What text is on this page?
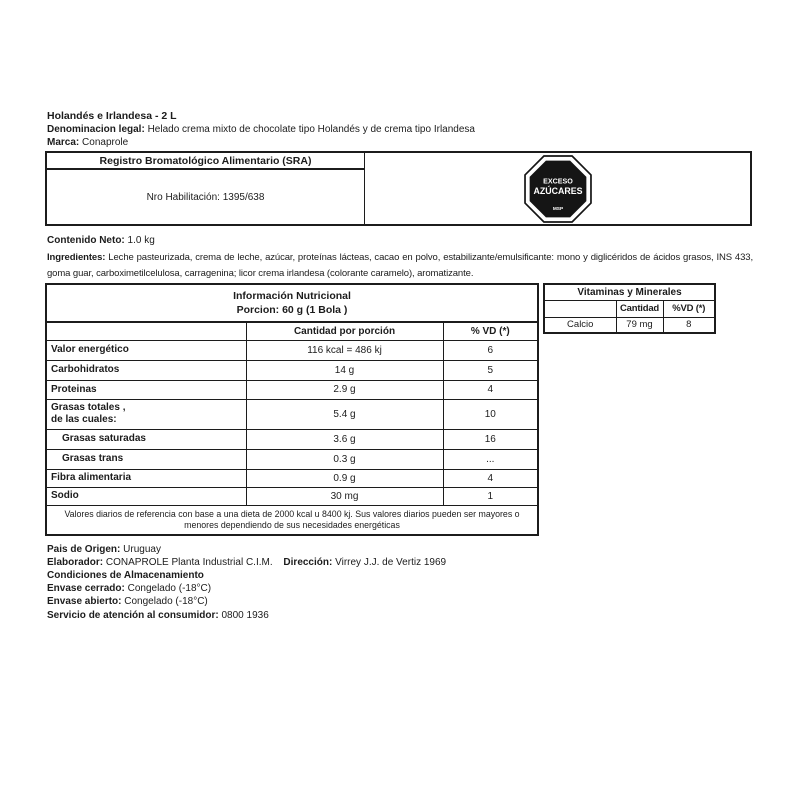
Holandés e Irlandesa - 2 L
Denominacion legal: Helado crema mixto de chocolate tipo Holandés y de crema tipo Irlandesa
Marca: Conaprole
Registro Bromatológico Alimentario (SRA)
Nro Habilitación: 1395/638
EXCESO
AZÚCARES
MSP
Contenido Neto: 1.0 kg
Ingredientes: Leche pasteurizada, crema de leche, azúcar, proteínas lácteas, cacao en polvo, estabilizante/emulsificante: mono y diglicéridos de ácidos grasos, INS 433, goma guar, carboximetilcelulosa, carragenina; licor crema irlandesa (colorante caramelo), aromatizante.
Información Nutricional
Porcion: 60 g (1 Bola )		

	Cantidad por porción	% VD (*)
Valor energético	116 kcal = 486 kj	6
Carbohidratos	14 g	5
Proteinas	2.9 g	4

Grasas totales ,
de las cuales:	5.4 g	10
Grasas saturadas	3.6 g	16
Grasas trans	0.3 g	...
Fibra alimentaria	0.9 g	4
Sodio	30 mg	1
Valores diarios de referencia con base a una dieta de 2000 kcal u 8400 kj. Sus valores diarios pueden ser mayores o menores dependiendo de sus necesidades energéticas		
Vitaminas y Minerales		
	Cantidad	%VD (*)
Calcio	79 mg	8
Pais de Origen: Uruguay
Elaborador: CONAPROLE Planta Industrial C.I.M. Dirección: Virrey J.J. de Vertiz 1969
Condiciones de Almacenamiento
Envase cerrado: Congelado (-18°C)
Envase abierto: Congelado (-18°C)
Servicio de atención al consumidor: 0800 1936
